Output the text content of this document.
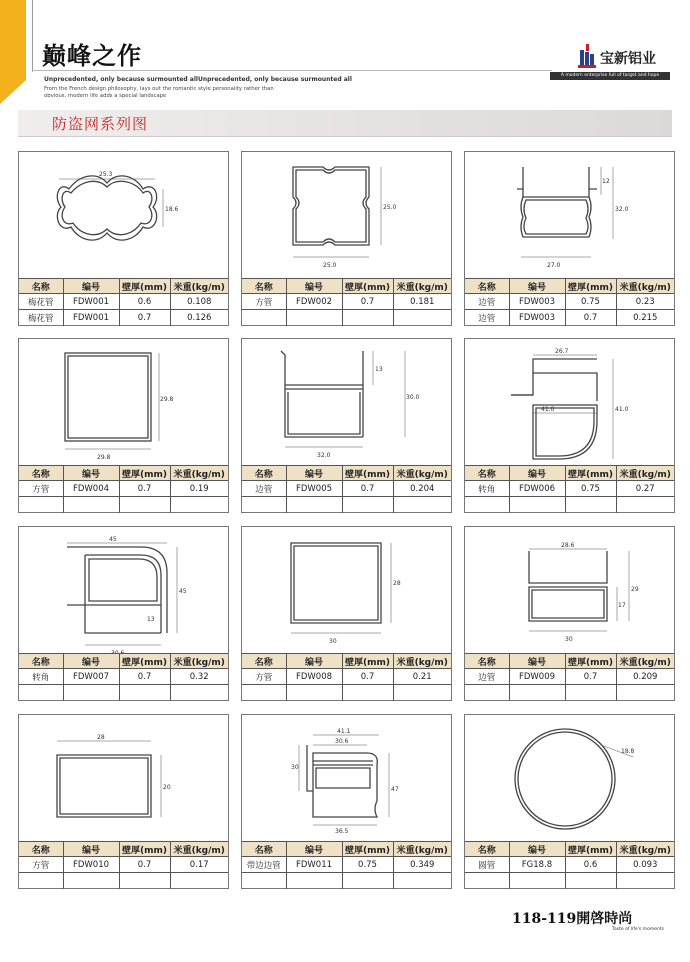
巅峰之作
Unprecedented, only because surmounted allUnprecedented, only because surmounted all
From the French design philosophy, lays out the romantic style personality rather than obvious, modern life adds a special landscape
宝新铝业
A modern enterprise full of target and hope
防盗网系列图
25.3
18.6
名称	编号	壁厚(mm)	米重(kg/m)
梅花管	FDW001	0.6	0.108
梅花管	FDW001	0.7	0.126
25.0
25.0
名称	编号	壁厚(mm)	米重(kg/m)
方管	FDW002	0.7	0.181

12
32.0
27.0
名称	编号	壁厚(mm)	米重(kg/m)
边管	FDW003	0.75	0.23
边管	FDW003	0.7	0.215
29.8
29.8
名称	编号	壁厚(mm)	米重(kg/m)
方管	FDW004	0.7	0.19

13
30.0
32.0
名称	编号	壁厚(mm)	米重(kg/m)
边管	FDW005	0.7	0.204

26.7
41.0	41.0
名称	编号	壁厚(mm)	米重(kg/m)
转角	FDW006	0.75	0.27

45
45
13
名称	编号	壁厚(mm)	米重(kg/m)
转角	FDW007	0.7	0.32

30
28
名称	编号	壁厚(mm)	米重(kg/m)
方管	FDW008	0.7	0.21

28.6
29
17
30
名称	编号	壁厚(mm)	米重(kg/m)
边管	FDW009	0.7	0.209

28
20
名称	编号	壁厚(mm)	米重(kg/m)
方管	FDW010	0.7	0.17

41.1
30.6
30
47
36.5
名称	编号	壁厚(mm)	米重(kg/m)
带边边管	FDW011	0.75	0.349

18.8
名称	编号	壁厚(mm)	米重(kg/m)
圆管	FG18.8	0.6	0.093

118-119開啓時尚
Taste of life's moments
